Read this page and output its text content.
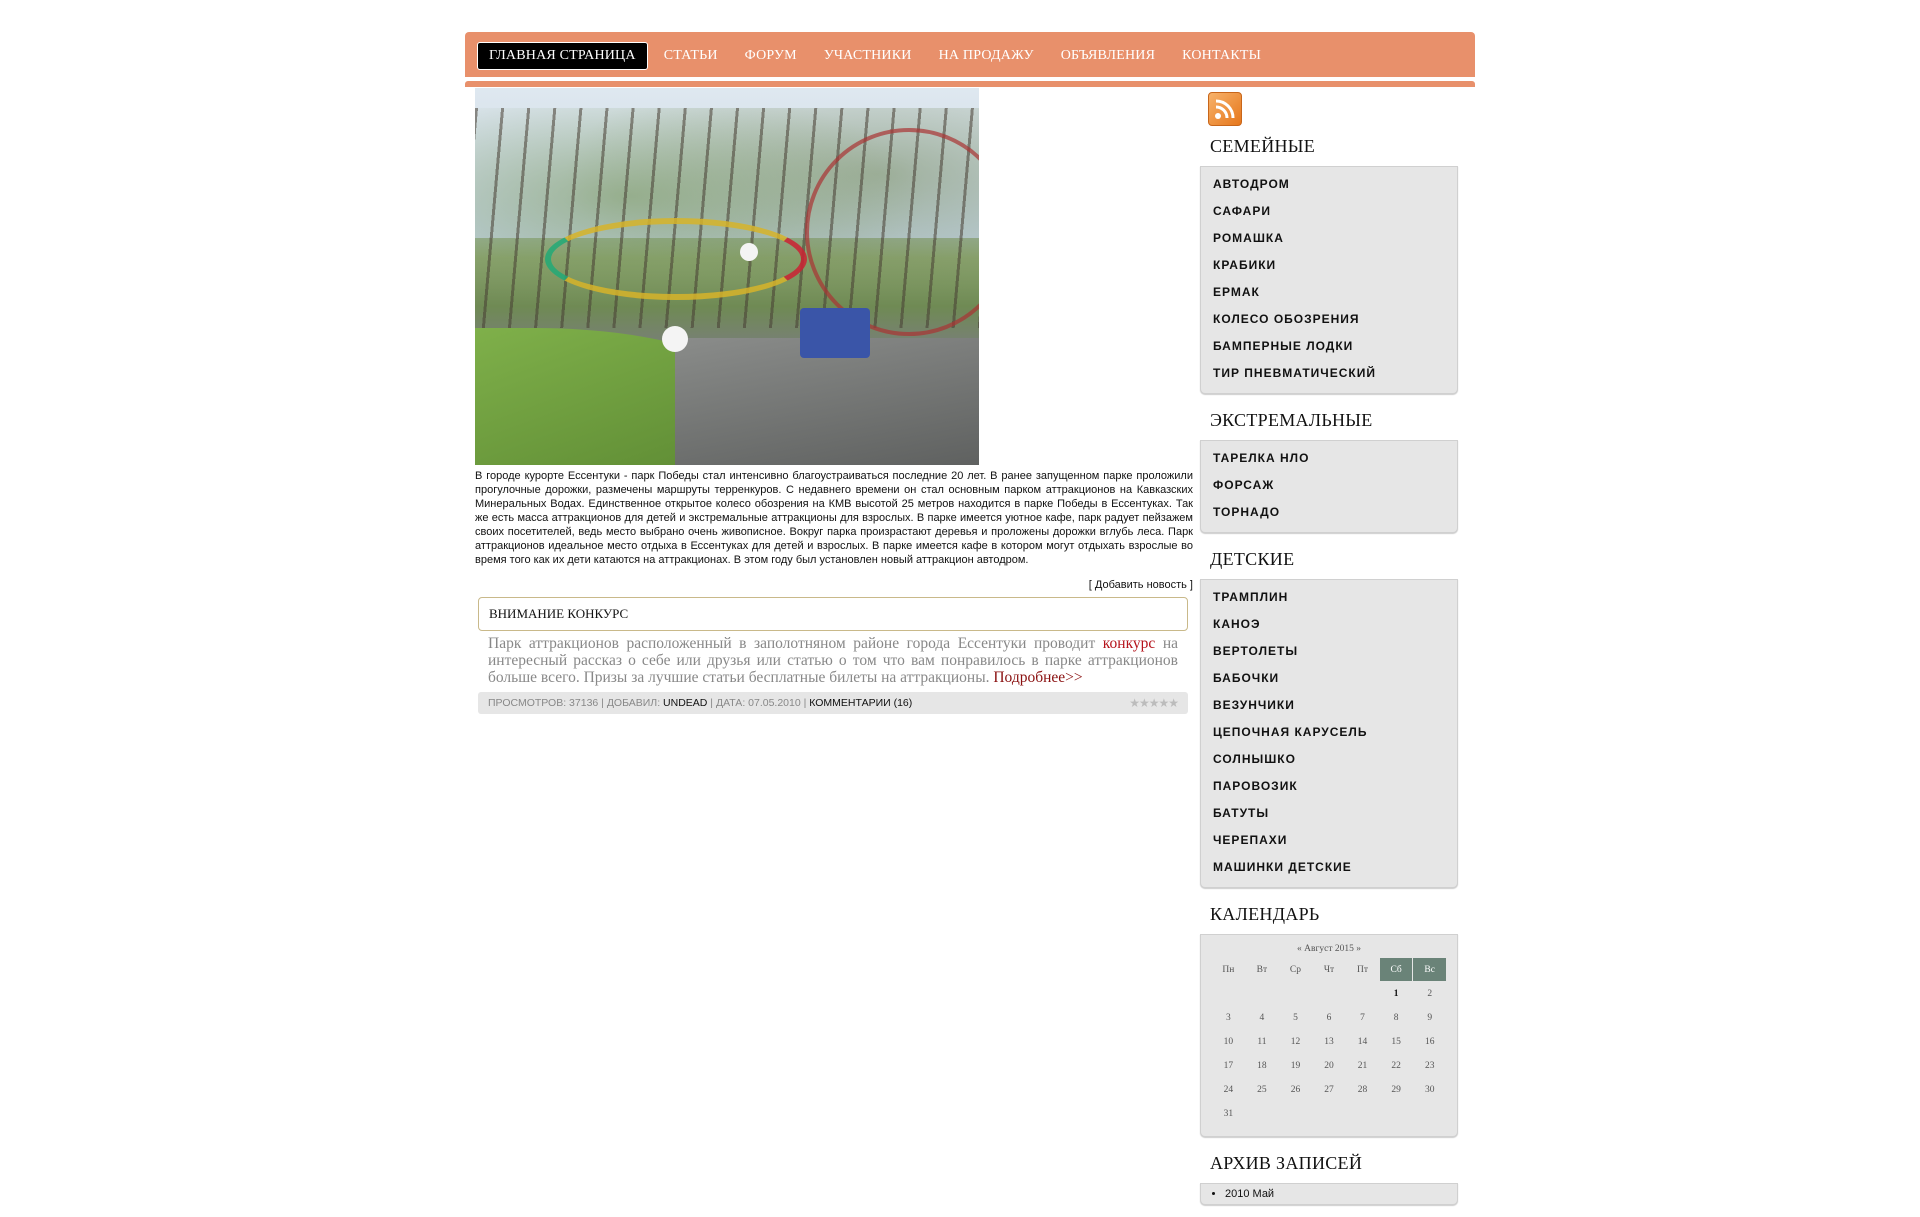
ГЛАВНАЯ СТРАНИЦА	СТАТЬИ	ФОРУМ	УЧАСТНИКИ	НА ПРОДАЖУ	ОБЪЯВЛЕНИЯ	КОНТАКТЫ
В городе курорте Ессентуки - парк Победы стал интенсивно благоустраиваться последние 20 лет. В ранее запущенном парке проложили прогулочные дорожки, размечены маршруты терренкуров. С недавнего времени он стал основным парком аттракционов на Кавказских Минеральных Водах. Единственное открытое колесо обозрения на КМВ высотой 25 метров находится в парке Победы в Ессентуках. Так же есть масса аттракционов для детей и экстремальные аттракционы для взрослых. В парке имеется уютное кафе, парк радует пейзажем своих посетителей, ведь место выбрано очень живописное. Вокруг парка произрастают деревья и проложены дорожки вглубь леса. Парк аттракционов идеальное место отдыха в Ессентуках для детей и взрослых. В парке имеется кафе в котором могут отдыхать взрослые во время того как их дети катаются на аттракционах. В этом году был установлен новый аттракцион автодром.
[ Добавить новость ]
ВНИМАНИЕ КОНКУРС
Парк аттракционов расположенный в заполотняном районе города Ессентуки проводит конкурс на интересный рассказ о себе или друзья или статью о том что вам понравилось в парке аттракционов больше всего. Призы за лучшие статьи бесплатные билеты на аттракционы. Подробнее>>
ПРОСМОТРОВ: 37136 | ДОБАВИЛ: UNDEAD | ДАТА: 07.05.2010 | КОММЕНТАРИИ (16)	★★★★★
СЕМЕЙНЫЕ
АВТОДРОМ
САФАРИ
РОМАШКА
КРАБИКИ
ЕРМАК
КОЛЕСО ОБОЗРЕНИЯ
БАМПЕРНЫЕ ЛОДКИ
ТИР ПНЕВМАТИЧЕСКИЙ
ЭКСТРЕМАЛЬНЫЕ
ТАРЕЛКА НЛО
ФОРСАЖ
ТОРНАДО
ДЕТСКИЕ
ТРАМПЛИН
КАНОЭ
ВЕРТОЛЕТЫ
БАБОЧКИ
ВЕЗУНЧИКИ
ЦЕПОЧНАЯ КАРУСЕЛЬ
СОЛНЫШКО
ПАРОВОЗИК
БАТУТЫ
ЧЕРЕПАХИ
МАШИНКИ ДЕТСКИЕ
КАЛЕНДАРЬ
« Август 2015 »
Пн	Вт	Ср	Чт	Пт	Сб	Вс
					1	2
3	4	5	6	7	8	9
10	11	12	13	14	15	16
17	18	19	20	21	22	23
24	25	26	27	28	29	30
31						
АРХИВ ЗАПИСЕЙ
• 2010 Май
